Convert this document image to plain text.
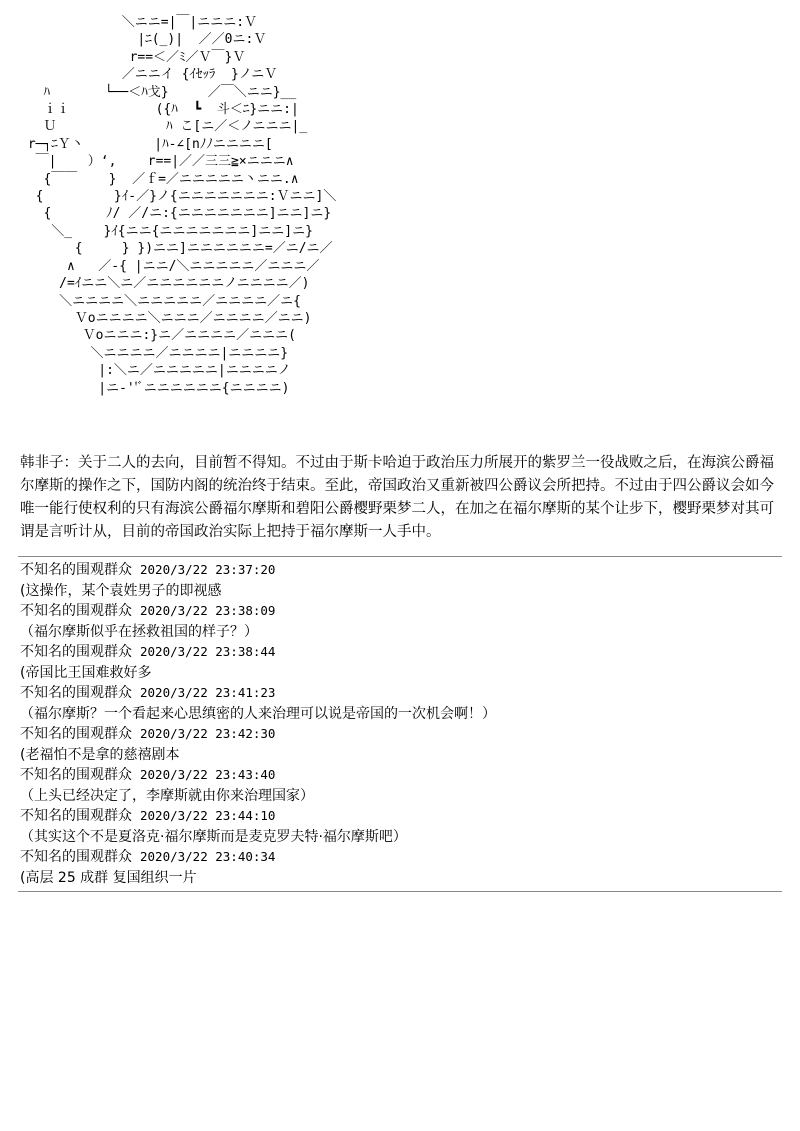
＼ニニ=|￣|ニニニ:Ｖ
|ﾆ(_)|  ／／0ニ:Ｖ
r==＜／ﾐ／Ｖ￣}Ｖ
／ニニイ {ｲｾｯﾗ  }ノニＶ
ﾊ       └──＜ﾊ戈}     ／￣＼ニニ}__
ｉｉ           ({ﾊ  ┗  斗＜ﾆ}ニニ:|
Ｕ              ﾊ こ[ニ／＜ノニニニ|_
r─┐ﾆＹ丶         |ﾊ-∠[nﾉﾉニニニニ[
￣|    ）‘,    r==|／／三三≧×ニニニ∧
{￣￣    }  ／ｆ=／ニニニニニ丶ニニ.∧
{         }ｲ-／}ノ{ニニニニニニニ:Ｖニニ]＼
{       ﾉ/ ／/ニ:{ニニニニニニニ]ニニ]ニ}
＼_    }ｲ{ニニ{ニニニニニニニ]ニニ]ニ}
{     } })ニニ]ニニニニニニ=／ニ/ニ／
∧   ／-{ |ニニ/＼ニニニニニ／ニニニ／
/=ｲニニ＼ニ／ニニニニニニノニニニニ／)
＼ニニニニ＼ニニニニニ／ニニニニ／ニ{
Ｖoニニニニ＼ニニニ／ニニニニ／ニニ)
Ｖoニニニ:}ニ／ニニニニ／ニニニ(
＼ニニニニ／ニニニニ|ニニニニ}
|:＼ニ／ニニニニニ|ニニニニノ
|ニ-''ﾞニニニニニニ{ニニニニ)

韩非子：关于二人的去向，目前暂不得知。不过由于斯卡哈迫于政治压力所展开的紫罗兰一役战败之后，在海滨公爵福尔摩斯的操作之下，国防内阁的统治终于结束。至此，帝国政治又重新被四公爵议会所把持。不过由于四公爵议会如今唯一能行使权利的只有海滨公爵福尔摩斯和碧阳公爵樱野栗梦二人，在加之在福尔摩斯的某个让步下，樱野栗梦对其可谓是言听计从，目前的帝国政治实际上把持于福尔摩斯一人手中。

不知名的围观群众 2020/3/22 23:37:20
(这操作，某个袁姓男子的即视感
不知名的围观群众 2020/3/22 23:38:09
（福尔摩斯似乎在拯救祖国的样子？）
不知名的围观群众 2020/3/22 23:38:44
(帝国比王国难救好多
不知名的围观群众 2020/3/22 23:41:23
（福尔摩斯？一个看起来心思缜密的人来治理可以说是帝国的一次机会啊！）
不知名的围观群众 2020/3/22 23:42:30
(老福怕不是拿的慈禧剧本
不知名的围观群众 2020/3/22 23:43:40
（上头已经决定了，李摩斯就由你来治理国家）
不知名的围观群众 2020/3/22 23:44:10
（其实这个不是夏洛克·福尔摩斯而是麦克罗夫特·福尔摩斯吧）
不知名的围观群众 2020/3/22 23:40:34
(高层 25 成群 复国组织一片
